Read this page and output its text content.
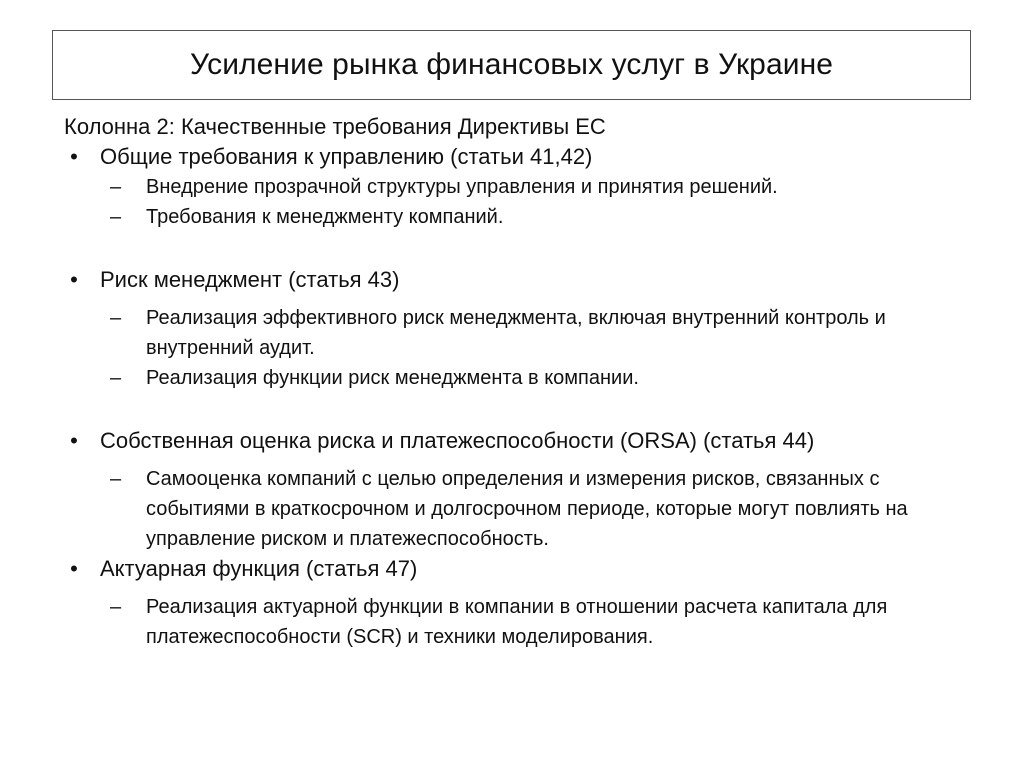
Усиление рынка финансовых услуг в Украине
Колонна 2: Качественные требования Директивы ЕС
• Общие требования к управлению (статьи 41,42)
– Внедрение прозрачной структуры управления и принятия решений.
– Требования к менеджменту компаний.
• Риск менеджмент (статья 43)
– Реализация эффективного риск менеджмента, включая внутренний контроль и внутренний аудит.
– Реализация функции риск менеджмента в компании.
• Собственная оценка риска и платежеспособности (ORSA) (статья 44)
– Самооценка компаний с целью определения и измерения рисков, связанных с событиями в краткосрочном и долгосрочном периоде, которые могут повлиять на управление риском и платежеспособность.
• Актуарная функция (статья 47)
– Реализация актуарной функции в компании в отношении расчета капитала для платежеспособности (SCR) и техники моделирования.
